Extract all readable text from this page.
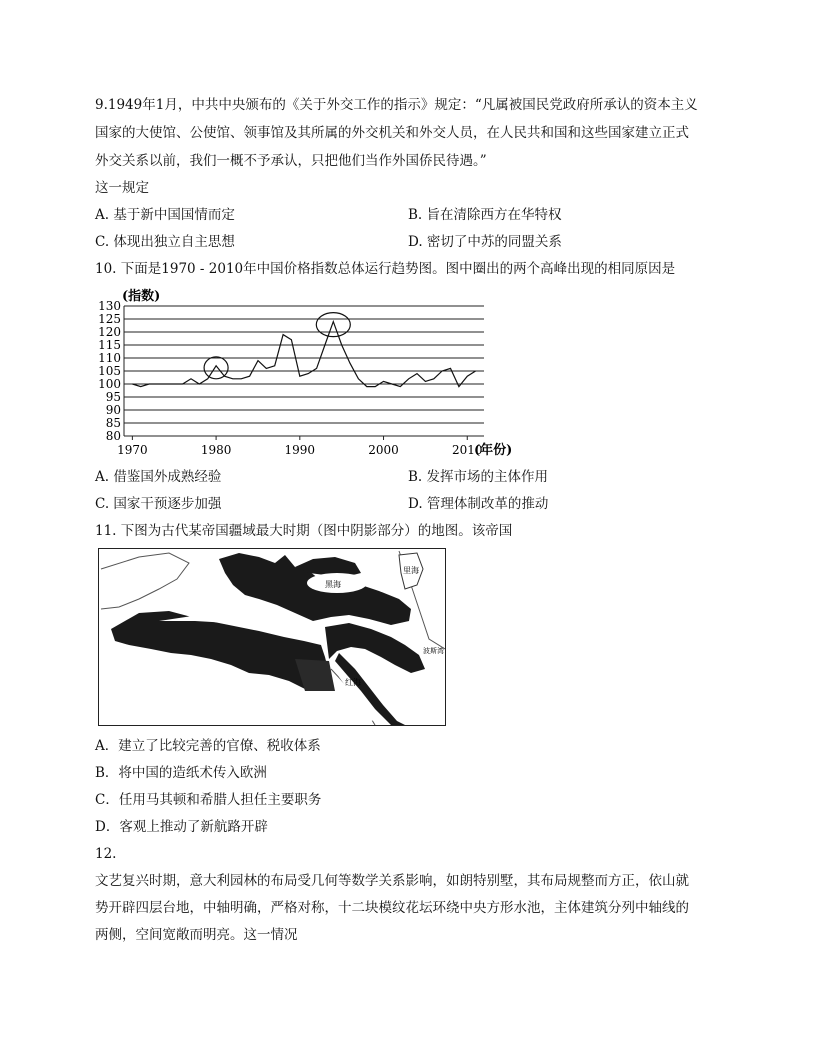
9.1949年1月，中共中央颁布的《关于外交工作的指示》规定：“凡属被国民党政府所承认的资本主义
国家的大使馆、公使馆、领事馆及其所属的外交机关和外交人员，在人民共和国和这些国家建立正式
外交关系以前，我们一概不予承认，只把他们当作外国侨民待遇。”
这一规定
A. 基于新中国国情而定	B. 旨在清除西方在华特权
C. 体现出独立自主思想	D. 密切了中苏的同盟关系
10. 下面是1970 - 2010年中国价格指数总体运行趋势图。图中圈出的两个高峰出现的相同原因是
80
85
90
95
100
105
110
115
120
125
130
1970	1980	1990	2000	2010
(指数)
(年份)
A. 借鉴国外成熟经验	B. 发挥市场的主体作用
C. 国家干预逐步加强	D. 管理体制改革的推动
11. 下图为古代某帝国疆域最大时期（图中阴影部分）的地图。该帝国
黑海
里海
红海
波斯湾
A．建立了比较完善的官僚、税收体系
B．将中国的造纸术传入欧洲
C．任用马其顿和希腊人担任主要职务
D．客观上推动了新航路开辟
12.
文艺复兴时期，意大利园林的布局受几何等数学关系影响，如朗特别墅，其布局规整而方正，依山就
势开辟四层台地，中轴明确，严格对称，十二块模纹花坛环绕中央方形水池，主体建筑分列中轴线的
两侧，空间宽敞而明亮。这一情况
